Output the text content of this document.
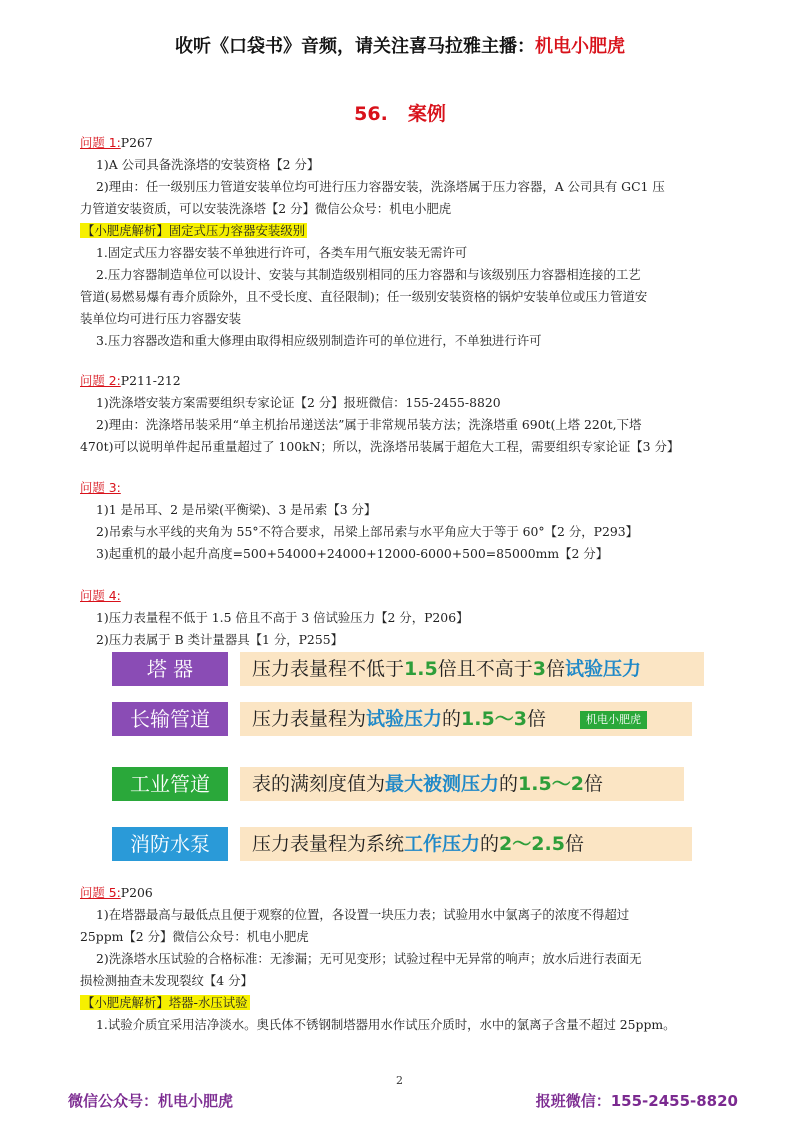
收听《口袋书》音频，请关注喜马拉雅主播：机电小肥虎
56. 案例
问题 1:P267
1)A 公司具备洗涤塔的安装资格【2 分】
2)理由：任一级别压力管道安装单位均可进行压力容器安装，洗涤塔属于压力容器，A 公司具有 GC1 压
力管道安装资质，可以安装洗涤塔【2 分】微信公众号：机电小肥虎
【小肥虎解析】固定式压力容器安装级别
1.固定式压力容器安装不单独进行许可，各类车用气瓶安装无需许可
2.压力容器制造单位可以设计、安装与其制造级别相同的压力容器和与该级别压力容器相连接的工艺
管道(易燃易爆有毒介质除外，且不受长度、直径限制)；任一级别安装资格的锅炉安装单位或压力管道安
装单位均可进行压力容器安装
3.压力容器改造和重大修理由取得相应级别制造许可的单位进行，不单独进行许可
问题 2:P211-212
1)洗涤塔安装方案需要组织专家论证【2 分】报班微信：155-2455-8820
2)理由：洗涤塔吊装采用“单主机抬吊递送法”属于非常规吊装方法；洗涤塔重 690t(上塔 220t,下塔
470t)可以说明单件起吊重量超过了 100kN；所以，洗涤塔吊装属于超危大工程，需要组织专家论证【3 分】
问题 3:
1)1 是吊耳、2 是吊梁(平衡梁)、3 是吊索【3 分】
2)吊索与水平线的夹角为 55°不符合要求，吊梁上部吊索与水平角应大于等于 60°【2 分，P293】
3)起重机的最小起升高度=500+54000+24000+12000-6000+500=85000mm【2 分】
问题 4:
1)压力表量程不低于 1.5 倍且不高于 3 倍试验压力【2 分，P206】
2)压力表属于 B 类计量器具【1 分，P255】
塔 器	压力表量程不低于1.5倍且不高于3倍试验压力
长输管道	压力表量程为试验压力的1.5～3倍	机电小肥虎
工业管道	表的满刻度值为最大被测压力的1.5～2倍
消防水泵	压力表量程为系统工作压力的2～2.5倍
问题 5:P206
1)在塔器最高与最低点且便于观察的位置，各设置一块压力表；试验用水中氯离子的浓度不得超过
25ppm【2 分】微信公众号：机电小肥虎
2)洗涤塔水压试验的合格标准：无渗漏；无可见变形；试验过程中无异常的响声；放水后进行表面无
损检测抽查未发现裂纹【4 分】
【小肥虎解析】塔器-水压试验
1.试验介质宜采用洁净淡水。奥氏体不锈钢制塔器用水作试压介质时，水中的氯离子含量不超过 25ppm。
2
微信公众号：机电小肥虎	报班微信：155-2455-8820
